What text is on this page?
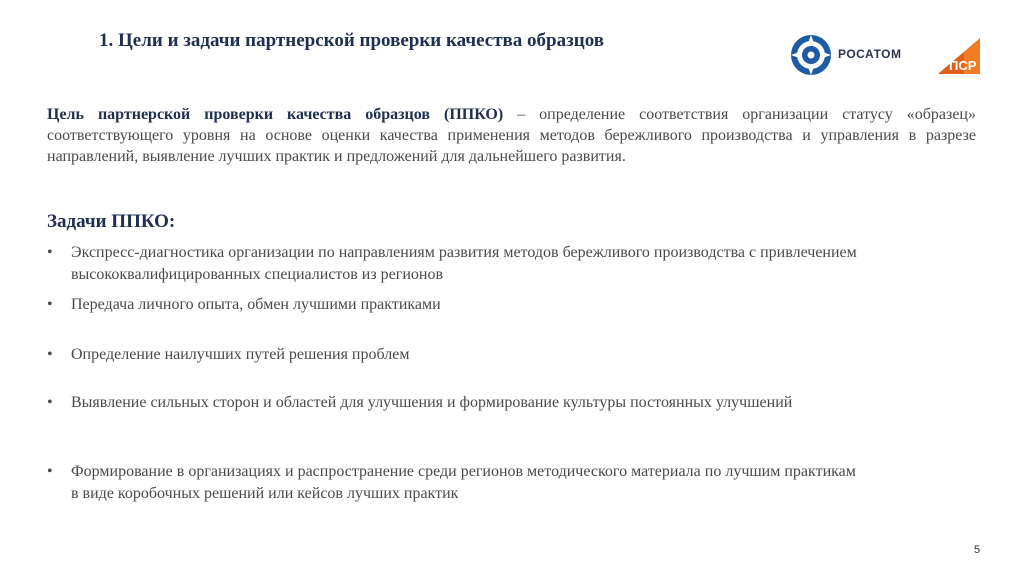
1. Цели и задачи партнерской проверки качества образцов
РОСАТОМ
ПСР
Цель партнерской проверки качества образцов (ППКО) – определение соответствия организации статусу «образец» соответствующего уровня на основе оценки качества применения методов бережливого производства и управления в разрезе направлений, выявление лучших практик и предложений для дальнейшего развития.
Задачи ППКО:
•	Экспресс-диагностика организации по направлениям развития методов бережливого производства с привлечением высококвалифицированных специалистов из регионов
•	Передача личного опыта, обмен лучшими практиками
•	Определение наилучших путей решения проблем
•	Выявление сильных сторон и областей для улучшения и формирование культуры постоянных улучшений
•	Формирование в организациях и распространение среди регионов методического материала по лучшим практикам в виде коробочных решений или кейсов лучших практик
5
